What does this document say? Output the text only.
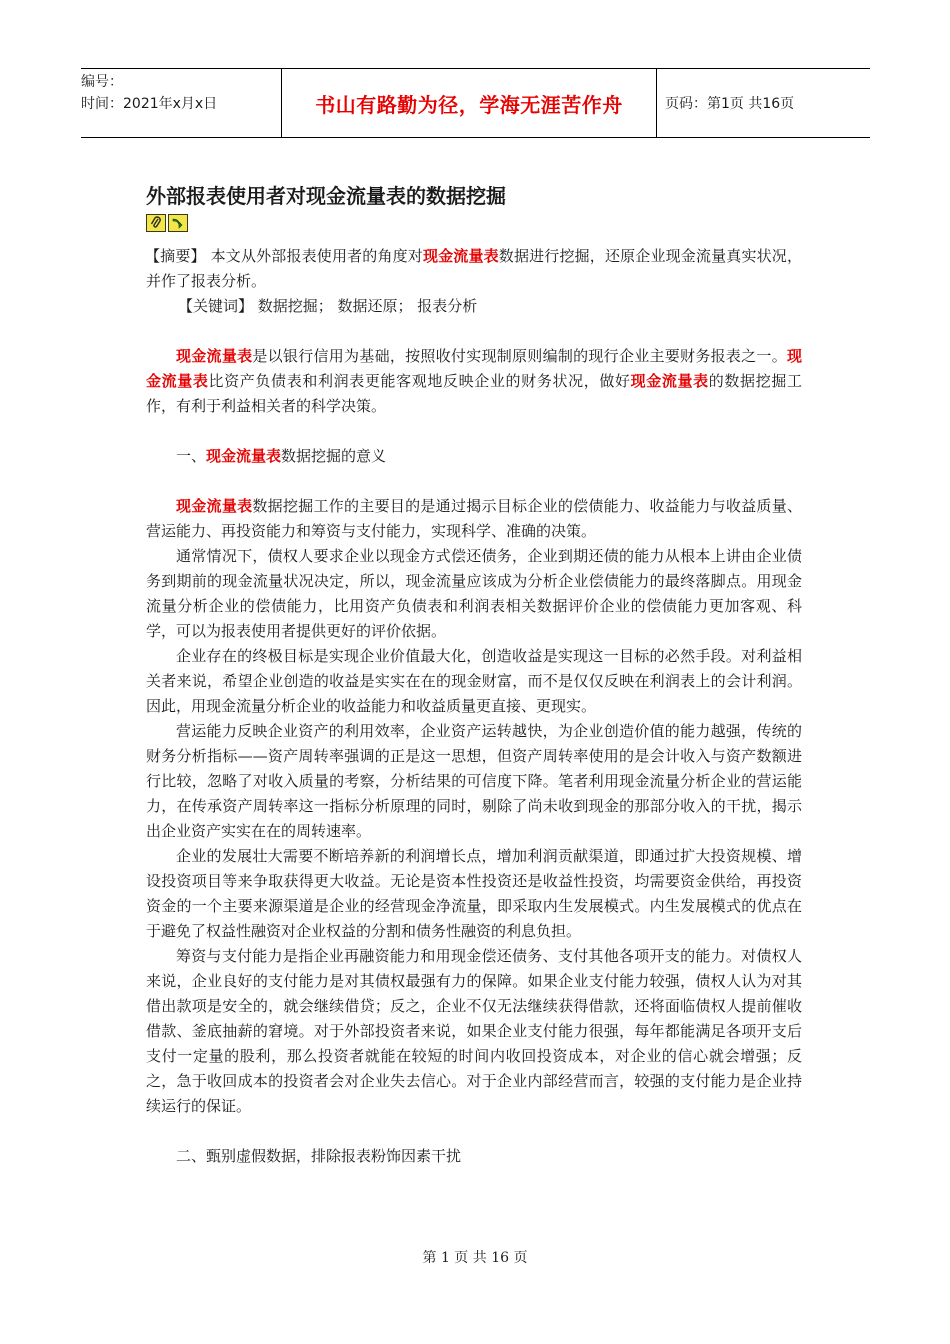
编号：
时间：2021年x月x日	书山有路勤为径，学海无涯苦作舟	页码：第1页 共16页
外部报表使用者对现金流量表的数据挖掘

【摘要】 本文从外部报表使用者的角度对现金流量表数据进行挖掘，还原企业现金流量真实状况，并作了报表分析。

【关键词】 数据挖掘； 数据还原； 报表分析

现金流量表是以银行信用为基础，按照收付实现制原则编制的现行企业主要财务报表之一。现金流量表比资产负债表和利润表更能客观地反映企业的财务状况，做好现金流量表的数据挖掘工作，有利于利益相关者的科学决策。

一、现金流量表数据挖掘的意义

现金流量表数据挖掘工作的主要目的是通过揭示目标企业的偿债能力、收益能力与收益质量、营运能力、再投资能力和筹资与支付能力，实现科学、准确的决策。

通常情况下，债权人要求企业以现金方式偿还债务，企业到期还债的能力从根本上讲由企业债务到期前的现金流量状况决定，所以，现金流量应该成为分析企业偿债能力的最终落脚点。用现金流量分析企业的偿债能力，比用资产负债表和利润表相关数据评价企业的偿债能力更加客观、科学，可以为报表使用者提供更好的评价依据。

企业存在的终极目标是实现企业价值最大化，创造收益是实现这一目标的必然手段。对利益相关者来说，希望企业创造的收益是实实在在的现金财富，而不是仅仅反映在利润表上的会计利润。因此，用现金流量分析企业的收益能力和收益质量更直接、更现实。

营运能力反映企业资产的利用效率，企业资产运转越快，为企业创造价值的能力越强，传统的财务分析指标——资产周转率强调的正是这一思想，但资产周转率使用的是会计收入与资产数额进行比较，忽略了对收入质量的考察，分析结果的可信度下降。笔者利用现金流量分析企业的营运能力，在传承资产周转率这一指标分析原理的同时，剔除了尚未收到现金的那部分收入的干扰，揭示出企业资产实实在在的周转速率。

企业的发展壮大需要不断培养新的利润增长点，增加利润贡献渠道，即通过扩大投资规模、增设投资项目等来争取获得更大收益。无论是资本性投资还是收益性投资，均需要资金供给，再投资资金的一个主要来源渠道是企业的经营现金净流量，即采取内生发展模式。内生发展模式的优点在于避免了权益性融资对企业权益的分割和债务性融资的利息负担。

筹资与支付能力是指企业再融资能力和用现金偿还债务、支付其他各项开支的能力。对债权人来说，企业良好的支付能力是对其债权最强有力的保障。如果企业支付能力较强，债权人认为对其借出款项是安全的，就会继续借贷；反之，企业不仅无法继续获得借款，还将面临债权人提前催收借款、釜底抽薪的窘境。对于外部投资者来说，如果企业支付能力很强，每年都能满足各项开支后支付一定量的股利，那么投资者就能在较短的时间内收回投资成本，对企业的信心就会增强；反之，急于收回成本的投资者会对企业失去信心。对于企业内部经营而言，较强的支付能力是企业持续运行的保证。

二、甄别虚假数据，排除报表粉饰因素干扰

第 1 页 共 16 页
